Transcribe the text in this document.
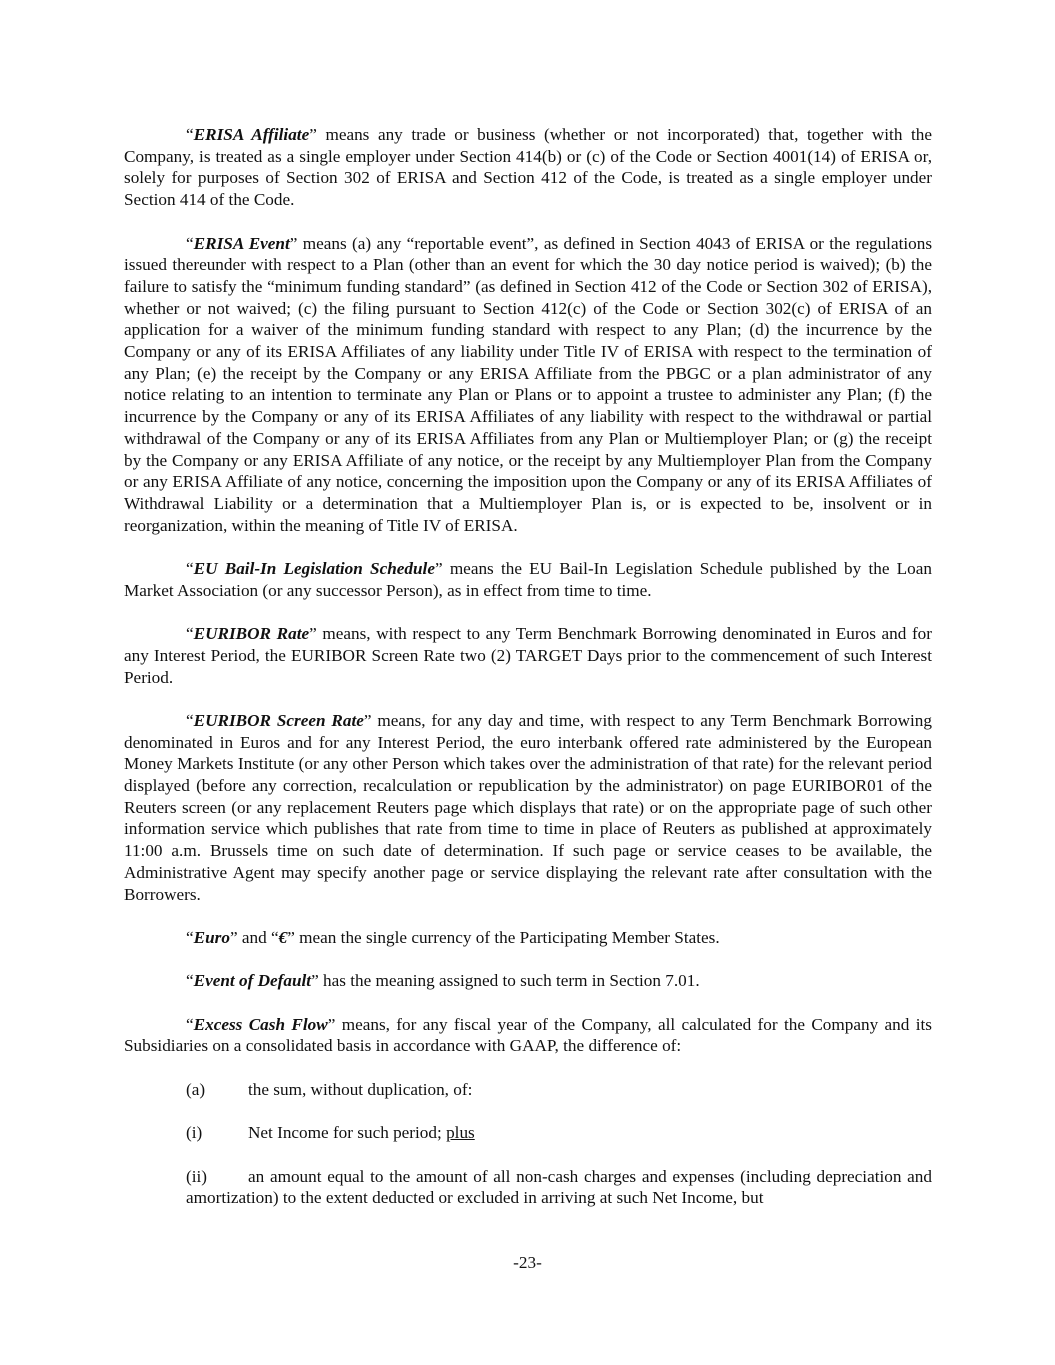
“ERISA Affiliate” means any trade or business (whether or not incorporated) that, together with the Company, is treated as a single employer under Section 414(b) or (c) of the Code or Section 4001(14) of ERISA or, solely for purposes of Section 302 of ERISA and Section 412 of the Code, is treated as a single employer under Section 414 of the Code.

“ERISA Event” means (a) any “reportable event”, as defined in Section 4043 of ERISA or the regulations issued thereunder with respect to a Plan (other than an event for which the 30 day notice period is waived); (b) the failure to satisfy the “minimum funding standard” (as defined in Section 412 of the Code or Section 302 of ERISA), whether or not waived; (c) the filing pursuant to Section 412(c) of the Code or Section 302(c) of ERISA of an application for a waiver of the minimum funding standard with respect to any Plan; (d) the incurrence by the Company or any of its ERISA Affiliates of any liability under Title IV of ERISA with respect to the termination of any Plan; (e) the receipt by the Company or any ERISA Affiliate from the PBGC or a plan administrator of any notice relating to an intention to terminate any Plan or Plans or to appoint a trustee to administer any Plan; (f) the incurrence by the Company or any of its ERISA Affiliates of any liability with respect to the withdrawal or partial withdrawal of the Company or any of its ERISA Affiliates from any Plan or Multiemployer Plan; or (g) the receipt by the Company or any ERISA Affiliate of any notice, or the receipt by any Multiemployer Plan from the Company or any ERISA Affiliate of any notice, concerning the imposition upon the Company or any of its ERISA Affiliates of Withdrawal Liability or a determination that a Multiemployer Plan is, or is expected to be, insolvent or in reorganization, within the meaning of Title IV of ERISA.

“EU Bail-In Legislation Schedule” means the EU Bail-In Legislation Schedule published by the Loan Market Association (or any successor Person), as in effect from time to time.

“EURIBOR Rate” means, with respect to any Term Benchmark Borrowing denominated in Euros and for any Interest Period, the EURIBOR Screen Rate two (2) TARGET Days prior to the commencement of such Interest Period.

“EURIBOR Screen Rate” means, for any day and time, with respect to any Term Benchmark Borrowing denominated in Euros and for any Interest Period, the euro interbank offered rate administered by the European Money Markets Institute (or any other Person which takes over the administration of that rate) for the relevant period displayed (before any correction, recalculation or republication by the administrator) on page EURIBOR01 of the Reuters screen (or any replacement Reuters page which displays that rate) or on the appropriate page of such other information service which publishes that rate from time to time in place of Reuters as published at approximately 11:00 a.m. Brussels time on such date of determination. If such page or service ceases to be available, the Administrative Agent may specify another page or service displaying the relevant rate after consultation with the Borrowers.

“Euro” and “€” mean the single currency of the Participating Member States.

“Event of Default” has the meaning assigned to such term in Section 7.01.

“Excess Cash Flow” means, for any fiscal year of the Company, all calculated for the Company and its Subsidiaries on a consolidated basis in accordance with GAAP, the difference of:

(a)	the sum, without duplication, of:
(i)	Net Income for such period; plus

(ii) an amount equal to the amount of all non-cash charges and expenses (including depreciation and amortization) to the extent deducted or excluded in arriving at such Net Income, but

-23-
